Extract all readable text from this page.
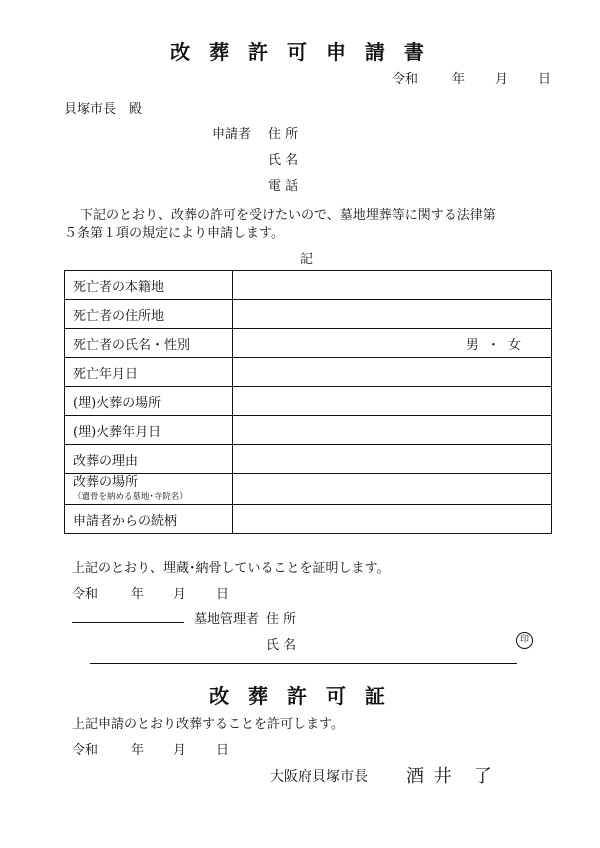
改 葬 許 可 申 請 書
令和	年 月 日
貝塚市長　殿
申請者 住 所
氏 名
電 話
下記のとおり、改葬の許可を受けたいので、墓地埋葬等に関する法律第
５条第１項の規定により申請します。
記
死亡者の本籍地	
死亡者の住所地	
死亡者の氏名・性別	男 ・ 女

死亡年月日	
(埋)火葬の場所	
(埋)火葬年月日	
改葬の理由	
改葬の場所
（遺骨を納める墓地･寺院名）	

申請者からの続柄	
上記のとおり、埋蔵･納骨していることを証明します。
令和	年 月 日
墓地管理者 住 所
氏 名	印
改 葬 許 可 証
上記申請のとおり改葬することを許可します。
令和	年 月 日
大阪府貝塚市長 酒 井　了
